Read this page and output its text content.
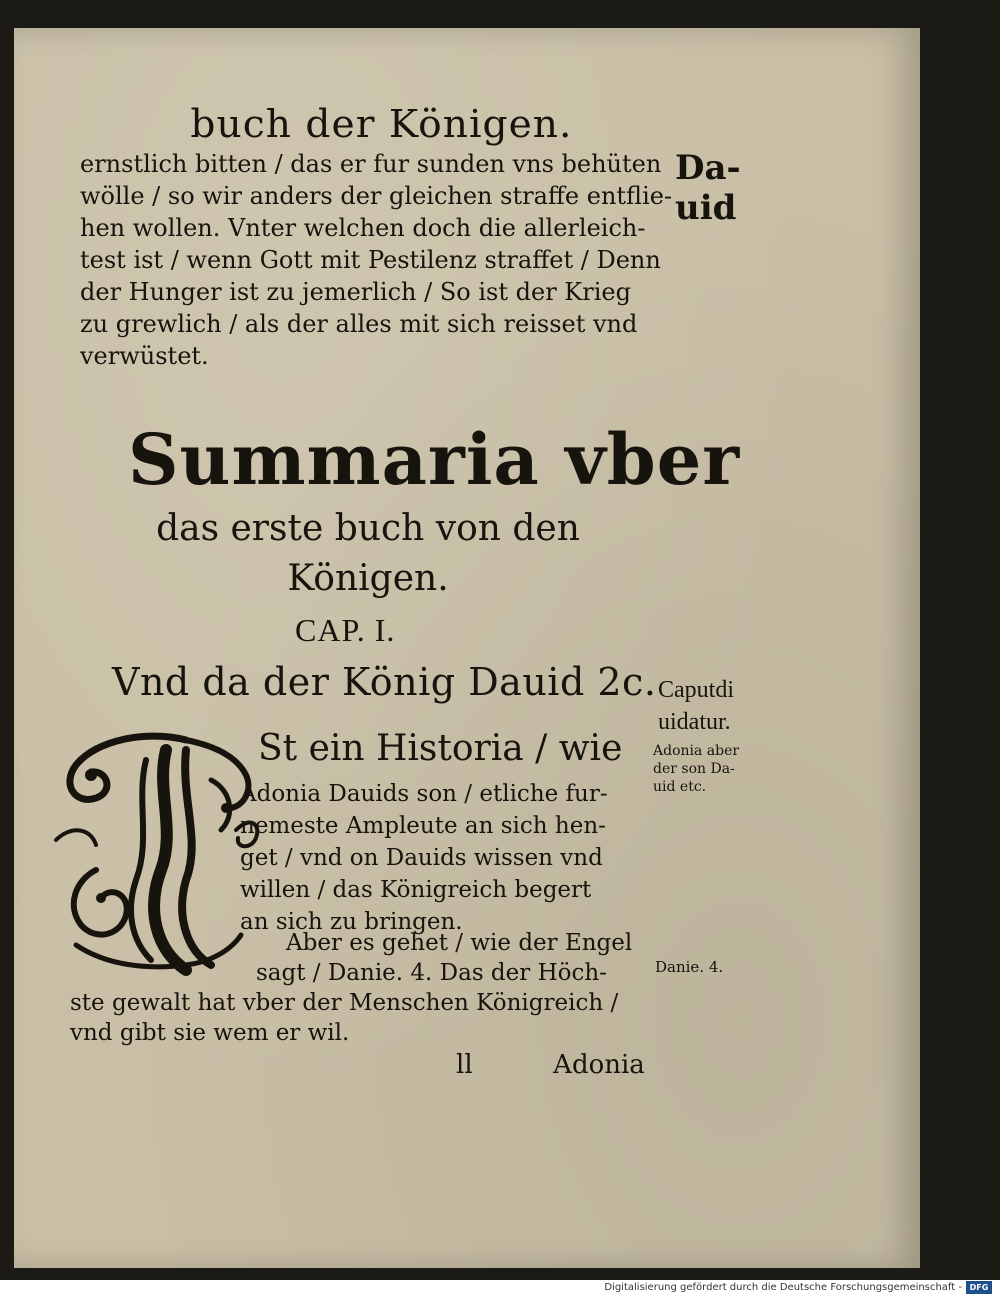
buch der Königen.
ernstlich bitten / das er fur sunden vns behüten
wölle / so wir anders der gleichen straffe entflie-
hen wollen. Vnter welchen doch die allerleich-
test ist / wenn Gott mit Pestilenz straffet / Denn
der Hunger ist zu jemerlich / So ist der Krieg
zu grewlich / als der alles mit sich reisset vnd
verwüstet.
Da-
uid
Summaria vber
das erste buch von den
Königen.
CAP. I.
Vnd da der König Dauid 2c. Caputdi
uidatur.
Adonia aber
der son Da-
uid etc.
St ein Historia / wie
Adonia Dauids son / etliche fur-
nemeste Ampleute an sich hen-
get / vnd on Dauids wissen vnd
willen / das Königreich begert
an sich zu bringen.
Aber es gehet / wie der Engel
sagt / Danie. 4. Das der Höch-
ste gewalt hat vber der Menschen Königreich /
vnd gibt sie wem er wil.
Danie. 4.
ll	Adonia
Digitalisierung gefördert durch die Deutsche Forschungsgemeinschaft - DFG
